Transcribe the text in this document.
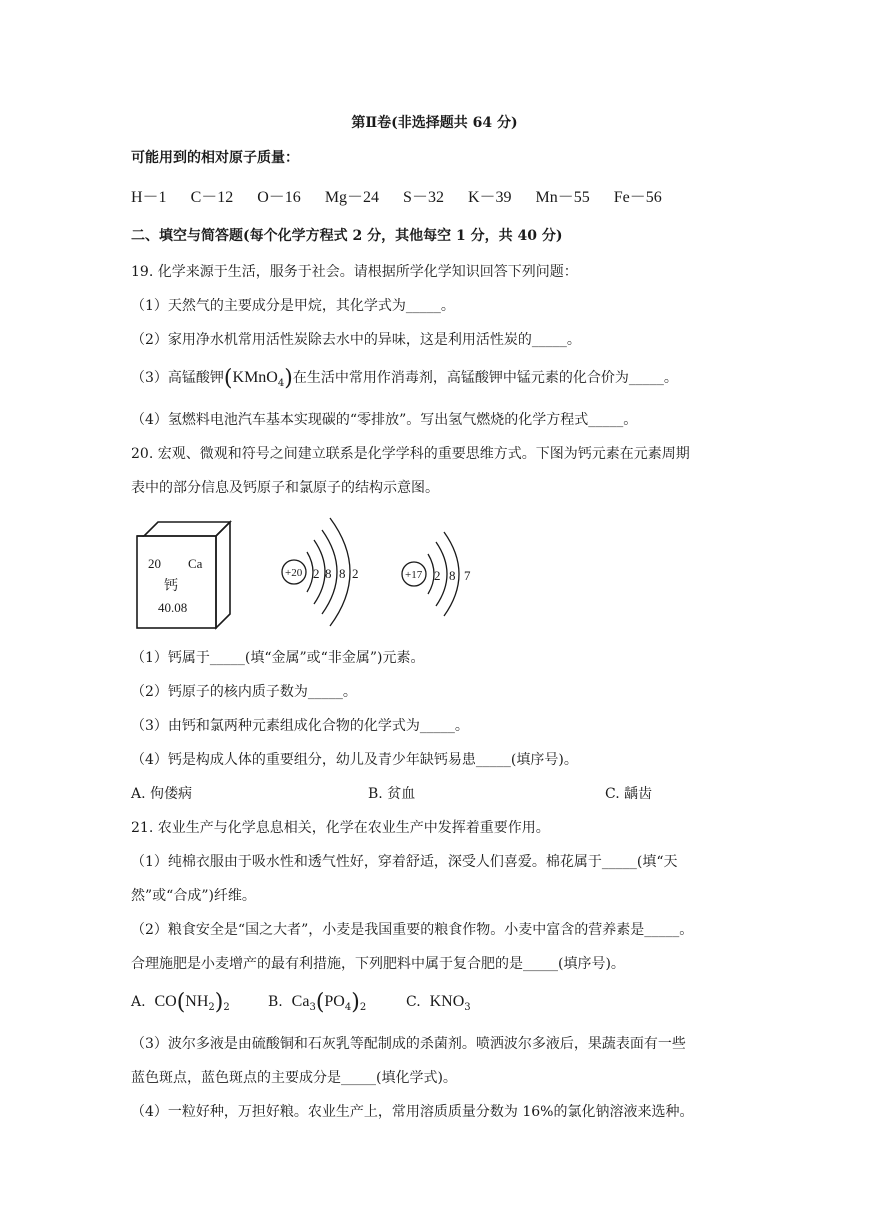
第Ⅱ卷(非选择题共 64 分)
可能用到的相对原子质量：
H－1 C－12 O－16 Mg－24 S－32 K－39 Mn－55 Fe－56
二、填空与简答题(每个化学方程式 2 分，其他每空 1 分，共 40 分)
19. 化学来源于生活，服务于社会。请根据所学化学知识回答下列问题：
（1）天然气的主要成分是甲烷，其化学式为_____。
（2）家用净水机常用活性炭除去水中的异味，这是利用活性炭的_____。
（3）高锰酸钾(KMnO$_4$)在生活中常用作消毒剂，高锰酸钾中锰元素的化合价为_____。
（4）氢燃料电池汽车基本实现碳的“零排放”。写出氢气燃烧的化学方程式_____。
20. 宏观、微观和符号之间建立联系是化学学科的重要思维方式。下图为钙元素在元素周期
表中的部分信息及钙原子和氯原子的结构示意图。
20 Ca
钙
40.08
+20 2 8 8 2	+17 2 8 7
（1）钙属于_____(填“金属”或“非金属”)元素。
（2）钙原子的核内质子数为_____。
（3）由钙和氯两种元素组成化合物的化学式为_____。
（4）钙是构成人体的重要组分，幼儿及青少年缺钙易患_____(填序号)。
A. 佝偻病	B. 贫血	C. 龋齿
21. 农业生产与化学息息相关，化学在农业生产中发挥着重要作用。
（1）纯棉衣服由于吸水性和透气性好，穿着舒适，深受人们喜爱。棉花属于_____(填“天
然”或“合成”)纤维。
（2）粮食安全是“国之大者”，小麦是我国重要的粮食作物。小麦中富含的营养素是_____。
合理施肥是小麦增产的最有利措施，下列肥料中属于复合肥的是_____(填序号)。
A. $CO(NH_2)_2$	B. $Ca_3(PO_4)_2$	C. $KNO_3$
（3）波尔多液是由硫酸铜和石灰乳等配制成的杀菌剂。喷洒波尔多液后，果蔬表面有一些
蓝色斑点，蓝色斑点的主要成分是_____(填化学式)。
（4）一粒好种，万担好粮。农业生产上，常用溶质质量分数为 16%的氯化钠溶液来选种。
